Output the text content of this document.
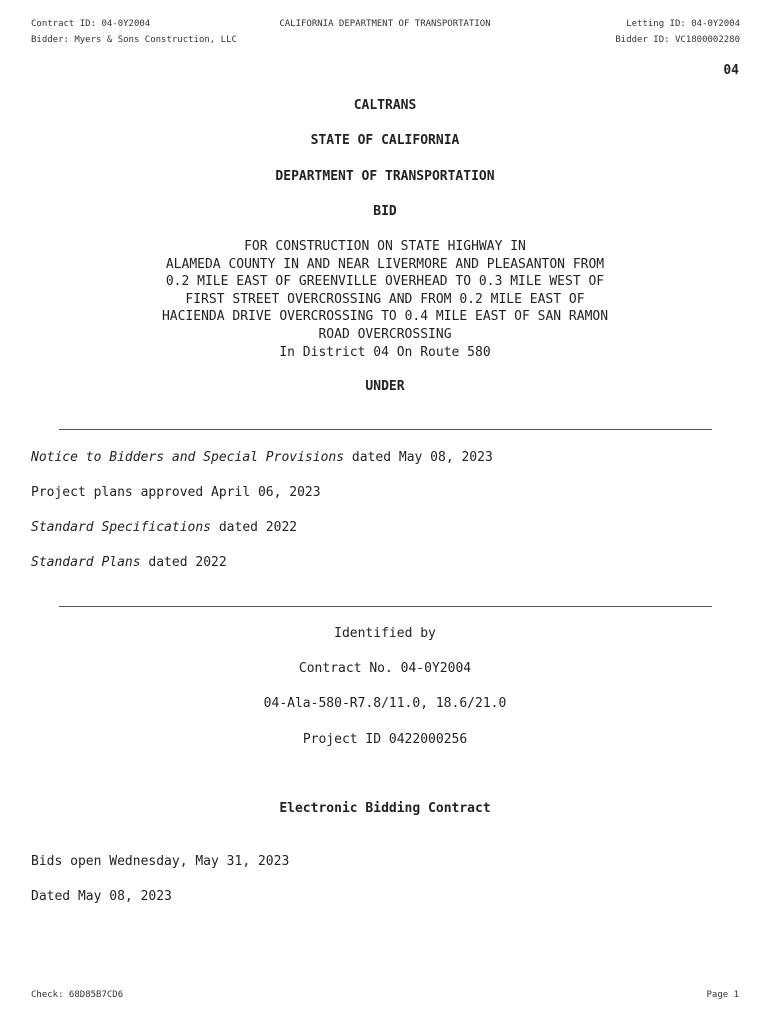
CALIFORNIA DEPARTMENT OF TRANSPORTATION
Contract ID: 04-0Y2004	Letting ID: 04-0Y2004
Bidder: Myers & Sons Construction, LLC	Bidder ID: VC1800002280
04
CALTRANS
STATE OF CALIFORNIA
DEPARTMENT OF TRANSPORTATION
BID
FOR CONSTRUCTION ON STATE HIGHWAY IN
ALAMEDA COUNTY IN AND NEAR LIVERMORE AND PLEASANTON FROM
0.2 MILE EAST OF GREENVILLE OVERHEAD TO 0.3 MILE WEST OF
FIRST STREET OVERCROSSING AND FROM 0.2 MILE EAST OF
HACIENDA DRIVE OVERCROSSING TO 0.4 MILE EAST OF SAN RAMON
ROAD OVERCROSSING
In District 04 On Route 580
UNDER
Notice to Bidders and Special Provisions dated May 08, 2023
Project plans approved April 06, 2023
Standard Specifications dated 2022
Standard Plans dated 2022
Identified by
Contract No. 04-0Y2004
04-Ala-580-R7.8/11.0, 18.6/21.0
Project ID 0422000256
Electronic Bidding Contract
Bids open Wednesday, May 31, 2023
Dated May 08, 2023
Check: 68D85B7CD6	Page 1
